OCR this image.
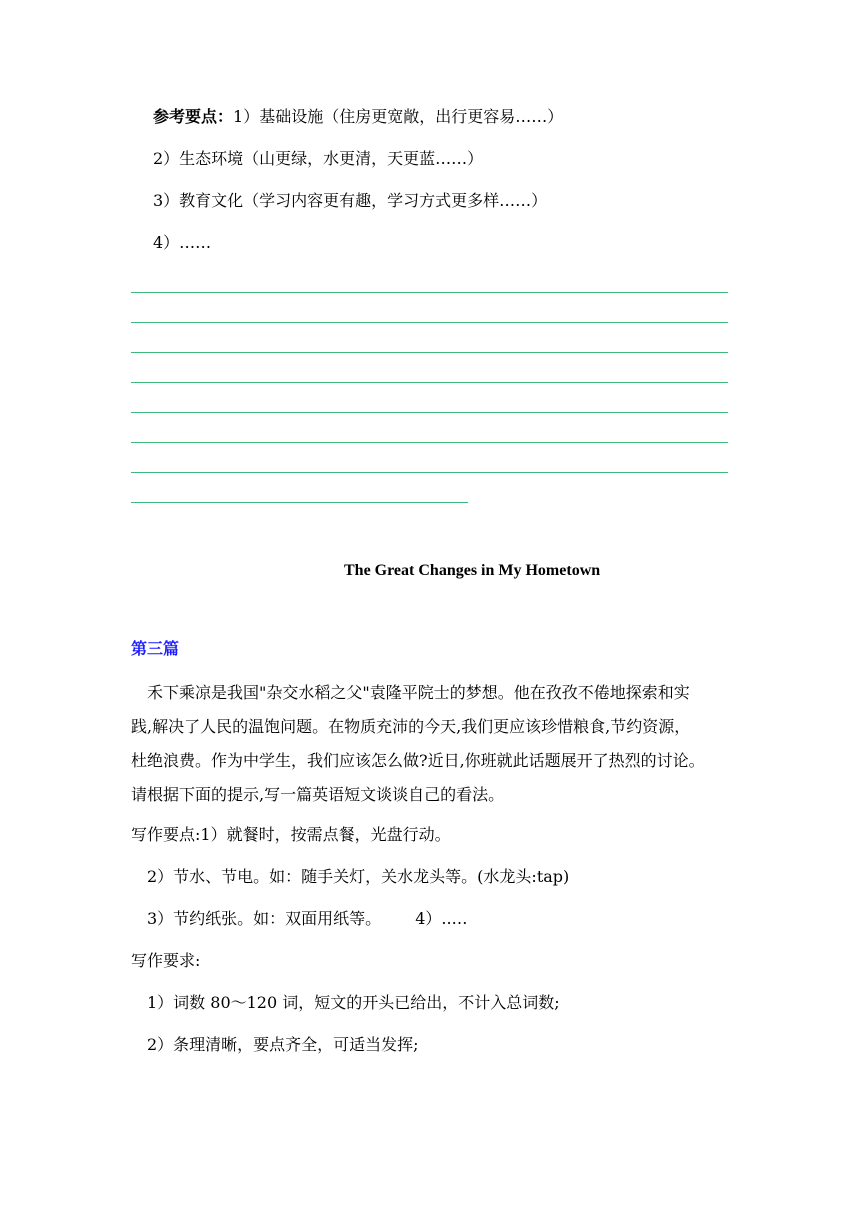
参考要点：1）基础设施（住房更宽敞，出行更容易……）
2）生态环境（山更绿，水更清，天更蓝……）
3）教育文化（学习内容更有趣，学习方式更多样……）
4）……
The Great Changes in My Hometown
第三篇
禾下乘凉是我国"杂交水稻之父"袁隆平院士的梦想。他在孜孜不倦地探索和实
践,解决了人民的温饱问题。在物质充沛的今天,我们更应该珍惜粮食,节约资源，
杜绝浪费。作为中学生，我们应该怎么做?近日,你班就此话题展开了热烈的讨论。
请根据下面的提示,写一篇英语短文谈谈自己的看法。
写作要点:1）就餐时，按需点餐，光盘行动。
2）节水、节电。如：随手关灯，关水龙头等。(水龙头:tap)
3）节约纸张。如：双面用纸等。 4）..…
写作要求:
1）词数 80～120 词，短文的开头已给出，不计入总词数;
2）条理清晰，要点齐全，可适当发挥;
